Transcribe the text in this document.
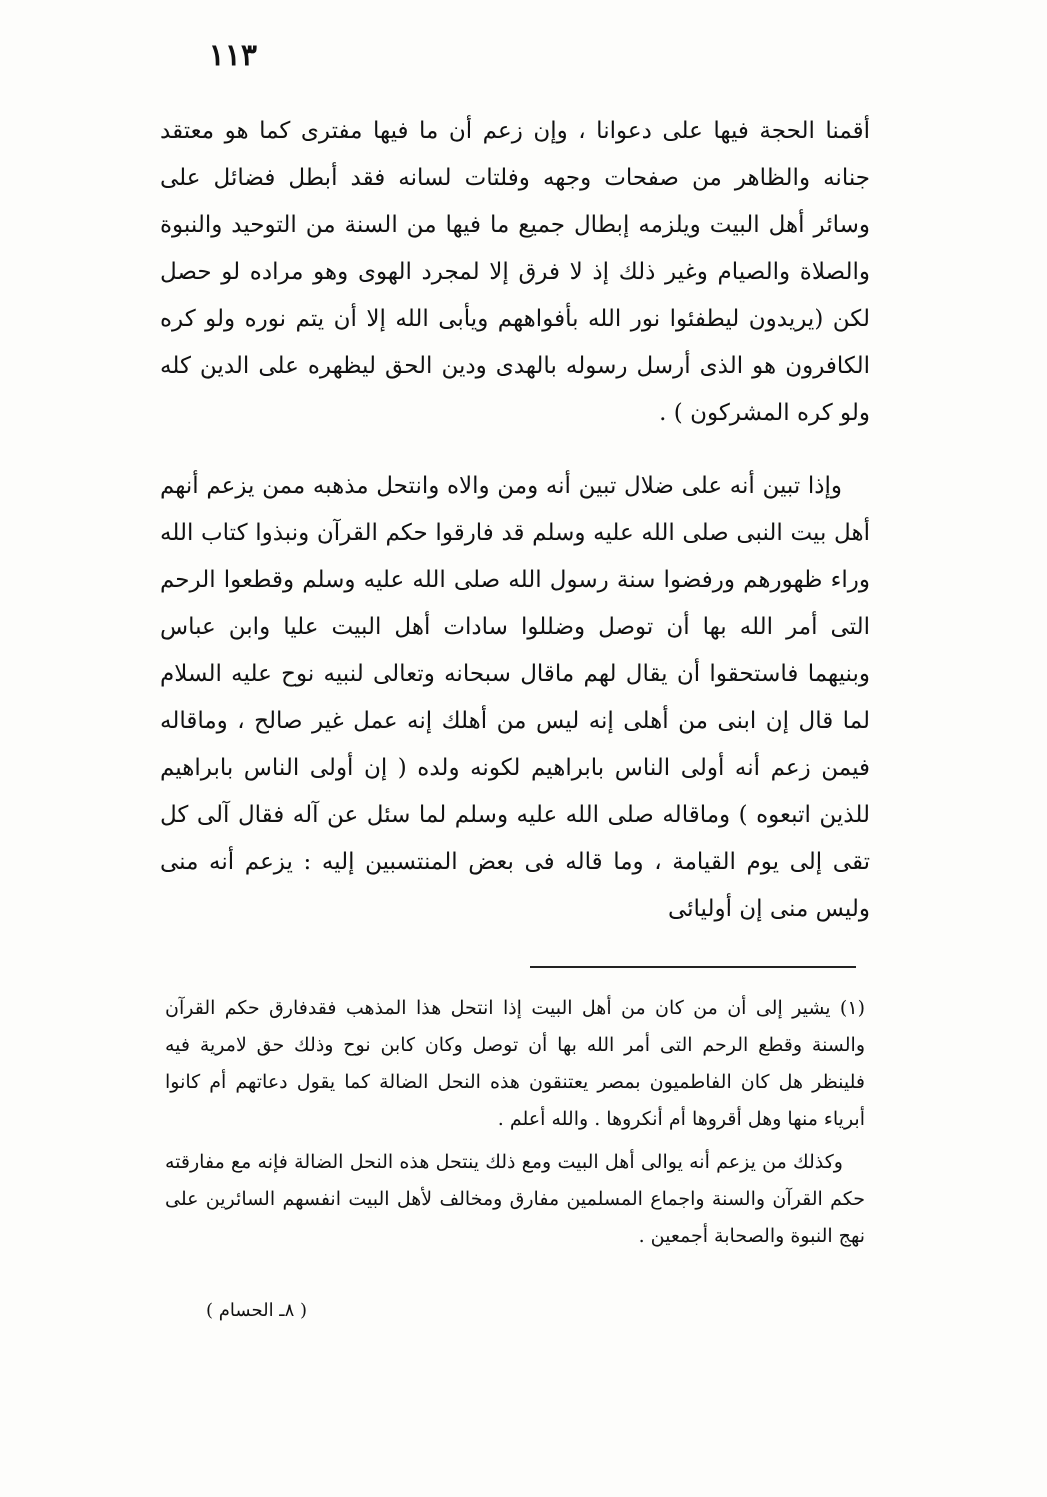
١١٣

أقمنا الحجة فيها على دعوانا ، وإن زعم أن ما فيها مفترى كما هو معتقد جنانه والظاهر من صفحات وجهه وفلتات لسانه فقد أبطل فضائل على وسائر أهل البيت ويلزمه إبطال جميع ما فيها من السنة من التوحيد والنبوة والصلاة والصيام وغير ذلك إذ لا فرق إلا لمجرد الهوى وهو مراده لو حصل لكن (يريدون ليطفئوا نور الله بأفواههم ويأبى الله إلا أن يتم نوره ولو كره الكافرون هو الذى أرسل رسوله بالهدى ودين الحق ليظهره على الدين كله ولو كره المشركون ) .

وإذا تبين أنه على ضلال تبين أنه ومن والاه وانتحل مذهبه ممن يزعم أنهم أهل بيت النبى صلى الله عليه وسلم قد فارقوا حكم القرآن ونبذوا كتاب الله وراء ظهورهم ورفضوا سنة رسول الله صلى الله عليه وسلم وقطعوا الرحم التى أمر الله بها أن توصل وضللوا سادات أهل البيت عليا وابن عباس وبنيهما فاستحقوا أن يقال لهم ماقال سبحانه وتعالى لنبيه نوح عليه السلام لما قال إن ابنى من أهلى إنه ليس من أهلك إنه عمل غير صالح ، وماقاله فيمن زعم أنه أولى الناس بابراهيم لكونه ولده ( إن أولى الناس بابراهيم للذين اتبعوه ) وماقاله صلى الله عليه وسلم لما سئل عن آله فقال آلى كل تقى إلى يوم القيامة ، وما قاله فى بعض المنتسبين إليه : يزعم أنه منى وليس منى إن أوليائى

(١) يشير إلى أن من كان من أهل البيت إذا انتحل هذا المذهب فقدفارق حكم القرآن والسنة وقطع الرحم التى أمر الله بها أن توصل وكان كابن نوح وذلك حق لامرية فيه فلينظر هل كان الفاطميون بمصر يعتنقون هذه النحل الضالة كما يقول دعاتهم أم كانوا أبرياء منها وهل أقروها أم أنكروها . والله أعلم .

وكذلك من يزعم أنه يوالى أهل البيت ومع ذلك ينتحل هذه النحل الضالة فإنه مع مفارقته حكم القرآن والسنة واجماع المسلمين مفارق ومخالف لأهل البيت انفسهم السائرين على نهج النبوة والصحابة أجمعين .

( ٨ـ الحسام )
